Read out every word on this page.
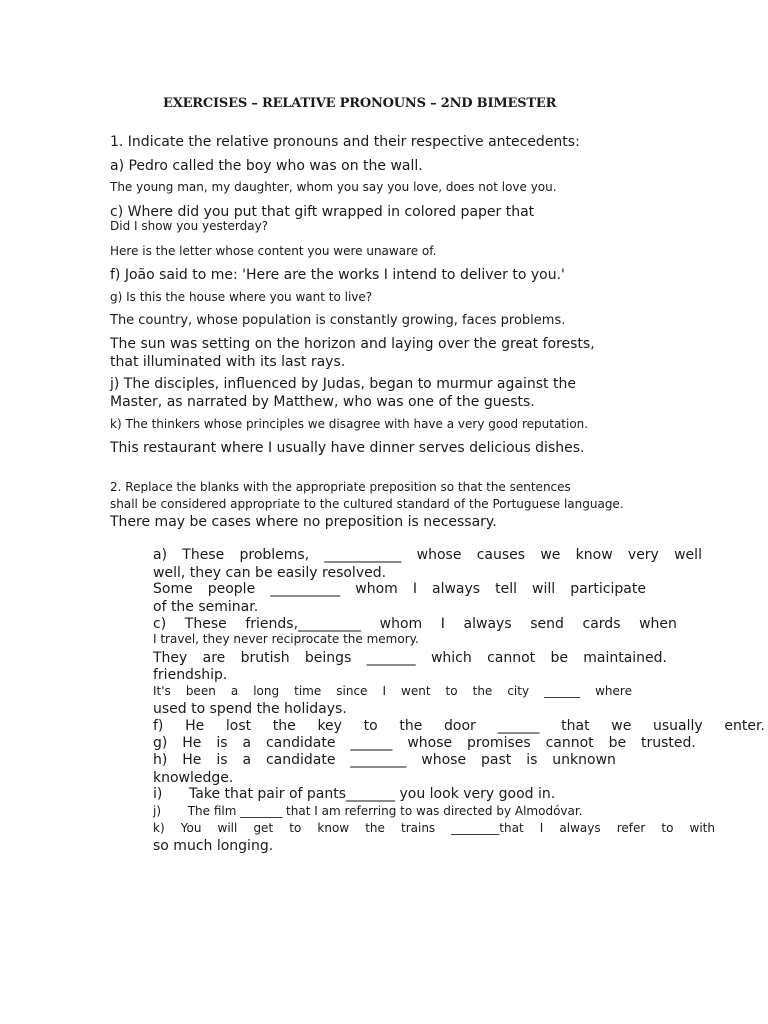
EXERCISES – RELATIVE PRONOUNS – 2ND BIMESTER
1. Indicate the relative pronouns and their respective antecedents:
a) Pedro called the boy who was on the wall.
The young man, my daughter, whom you say you love, does not love you.
c) Where did you put that gift wrapped in colored paper that
Did I show you yesterday?
Here is the letter whose content you were unaware of.
f) João said to me: 'Here are the works I intend to deliver to you.'
g) Is this the house where you want to live?
The country, whose population is constantly growing, faces problems.
The sun was setting on the horizon and laying over the great forests,
that illuminated with its last rays.
j) The disciples, influenced by Judas, began to murmur against the
Master, as narrated by Matthew, who was one of the guests.
k) The thinkers whose principles we disagree with have a very good reputation.
This restaurant where I usually have dinner serves delicious dishes.
2. Replace the blanks with the appropriate preposition so that the sentences
shall be considered appropriate to the cultured standard of the Portuguese language.
There may be cases where no preposition is necessary.
a) These problems, ___________ whose causes we know very well
well, they can be easily resolved.
Some people __________ whom I always tell will participate
of the seminar.
c) These friends,_________ whom I always send cards when
I travel, they never reciprocate the memory.
They are brutish beings _______ which cannot be maintained.
friendship.
It's been a long time since I went to the city ______ where
used to spend the holidays.
f) He lost the key to the door ______ that we usually enter.
g) He is a candidate ______ whose promises cannot be trusted.
h) He is a candidate ________ whose past is unknown
knowledge.
i)      Take that pair of pants_______ you look very good in.
j)       The film _______ that I am referring to was directed by Almodóvar.
k) You will get to know the trains ________that I always refer to with
so much longing.
